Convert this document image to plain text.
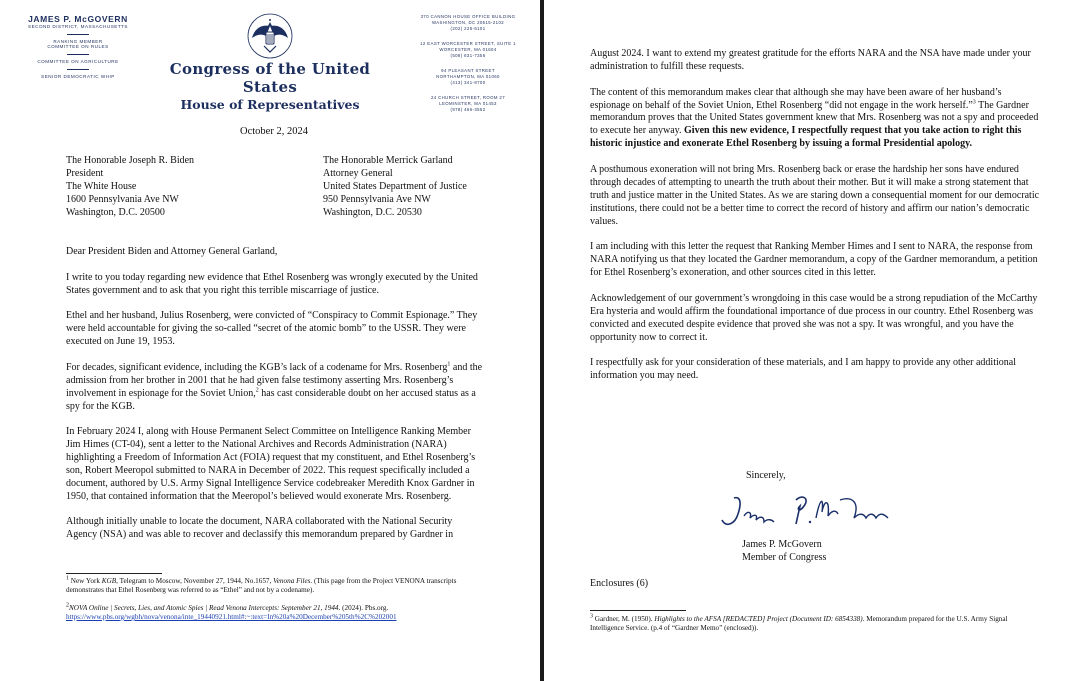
JAMES P. McGOVERN
SECOND DISTRICT, MASSACHUSETTS
RANKING MEMBER
COMMITTEE ON RULES
COMMITTEE ON AGRICULTURE
SENIOR DEMOCRATIC WHIP	Congress of the United States
House of Representatives
370 CANNON HOUSE OFFICE BUILDING
WASHINGTON, DC 20515-2102
(202) 225-6101
12 EAST WORCESTER STREET, SUITE 1
WORCESTER, MA 01604
(508) 831-7356
94 PLEASANT STREET
NORTHAMPTON, MA 01060
(413) 341-8700
24 CHURCH STREET, ROOM 27
LEOMINSTER, MA 01453
(978) 466-3552
October 2, 2024
The Honorable Joseph R. Biden
President
The White House
1600 Pennsylvania Ave NW
Washington, D.C. 20500
The Honorable Merrick Garland
Attorney General
United States Department of Justice
950 Pennsylvania Ave NW
Washington, D.C. 20530

Dear President Biden and Attorney General Garland,

I write to you today regarding new evidence that Ethel Rosenberg was wrongly executed by the United States government and to ask that you right this terrible miscarriage of justice.

Ethel and her husband, Julius Rosenberg, were convicted of “Conspiracy to Commit Espionage.” They were held accountable for giving the so-called “secret of the atomic bomb” to the USSR. They were executed on June 19, 1953.

For decades, significant evidence, including the KGB’s lack of a codename for Mrs. Rosenberg$^1$ and the admission from her brother in 2001 that he had given false testimony asserting Mrs. Rosenberg’s involvement in espionage for the Soviet Union,$^2$ has cast considerable doubt on her accused status as a spy for the KGB.

In February 2024 I, along with House Permanent Select Committee on Intelligence Ranking Member Jim Himes (CT-04), sent a letter to the National Archives and Records Administration (NARA) highlighting a Freedom of Information Act (FOIA) request that my constituent, and Ethel Rosenberg’s son, Robert Meeropol submitted to NARA in December of 2022. This request specifically included a document, authored by U.S. Army Signal Intelligence Service codebreaker Meredith Knox Gardner in 1950, that contained information that the Meeropol’s believed would exonerate Mrs. Rosenberg.

Although initially unable to locate the document, NARA collaborated with the National Security Agency (NSA) and was able to recover and declassify this memorandum prepared by Gardner in

$^1$ New York KGB, Telegram to Moscow, November 27, 1944, No.1657, Venona Files. (This page from the Project VENONA transcripts demonstrates that Ethel Rosenberg was referred to as “Ethel” and not by a codename).
$^2$NOVA Online | Secrets, Lies, and Atomic Spies | Read Venona Intercepts: September 21, 1944. (2024). Pbs.org.

https://www.pbs.org/wgbh/nova/venona/inte_19440921.html#:~:text=In%20a%20December%205th%2C%202001

August 2024. I want to extend my greatest gratitude for the efforts NARA and the NSA have made under your administration to fulfill these requests.

The content of this memorandum makes clear that although she may have been aware of her husband’s espionage on behalf of the Soviet Union, Ethel Rosenberg “did not engage in the work herself.”$^3$ The Gardner memorandum proves that the United States government knew that Mrs. Rosenberg was not a spy and proceeded to execute her anyway. Given this new evidence, I respectfully request that you take action to right this historic injustice and exonerate Ethel Rosenberg by issuing a formal Presidential apology.

A posthumous exoneration will not bring Mrs. Rosenberg back or erase the hardship her sons have endured through decades of attempting to unearth the truth about their mother. But it will make a strong statement that truth and justice matter in the United States. As we are staring down a consequential moment for our democratic institutions, there could not be a better time to correct the record of history and affirm our nation’s democratic values.

I am including with this letter the request that Ranking Member Himes and I sent to NARA, the response from NARA notifying us that they located the Gardner memorandum, a copy of the Gardner memorandum, a petition for Ethel Rosenberg’s exoneration, and other sources cited in this letter.

Acknowledgement of our government’s wrongdoing in this case would be a strong repudiation of the McCarthy Era hysteria and would affirm the foundational importance of due process in our country. Ethel Rosenberg was convicted and executed despite evidence that proved she was not a spy. It was wrongful, and you have the opportunity now to correct it.

I respectfully ask for your consideration of these materials, and I am happy to provide any other additional information you may need.

Sincerely,
James P. McGovern
Member of Congress
Enclosures (6)
$^3$ Gardner, M. (1950). Highlights to the AFSA [REDACTED] Project (Document ID: 6854338). Memorandum prepared for the U.S. Army Signal Intelligence Service. (p.4 of “Gardner Memo” (enclosed)).
